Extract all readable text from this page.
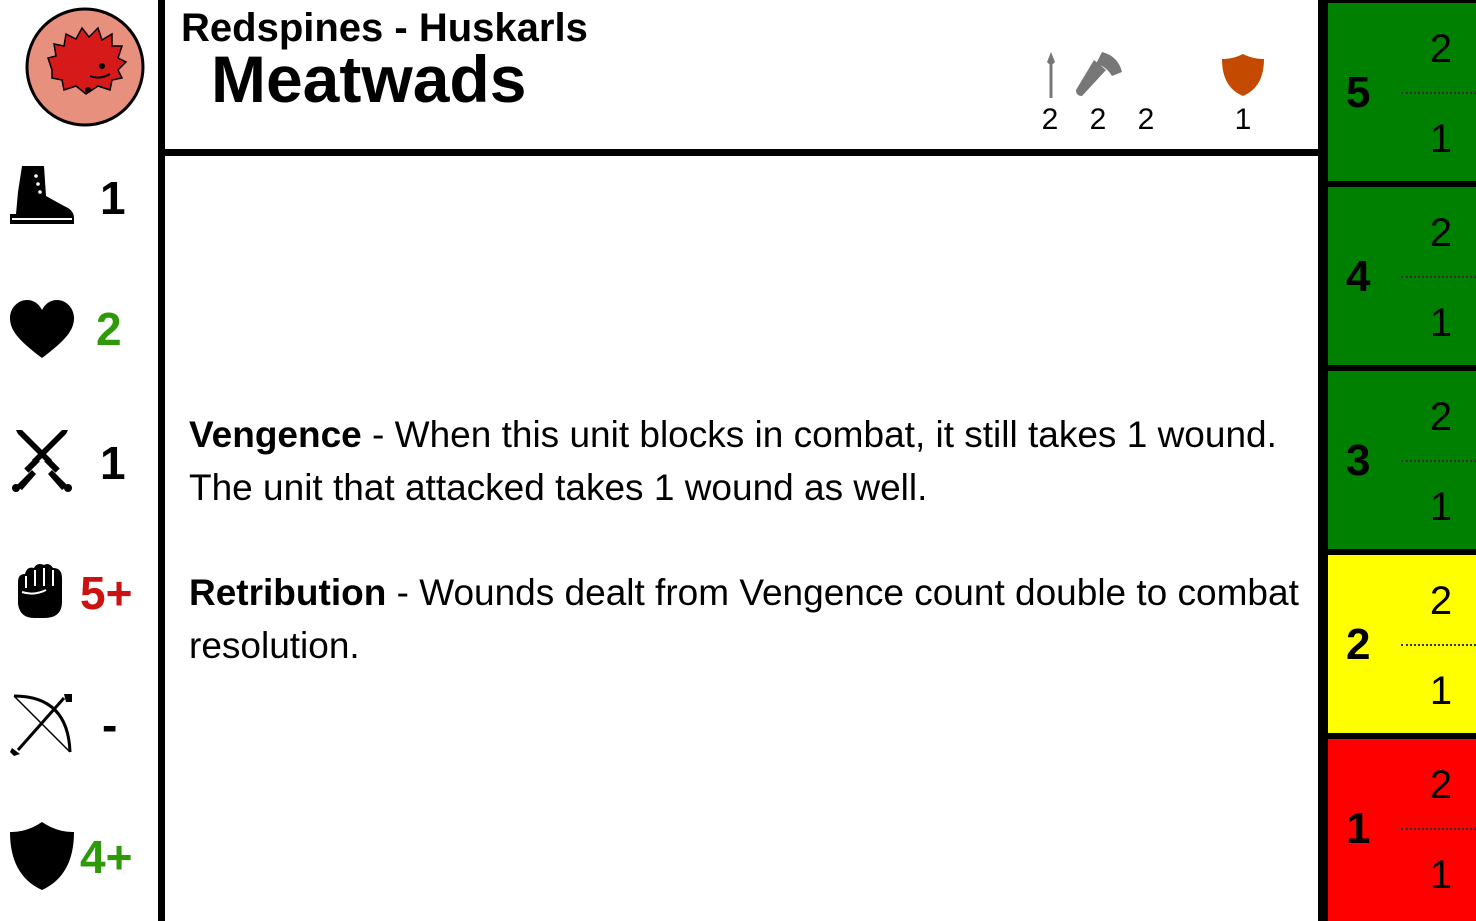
1
2
1
5+
-
4+
Redspines - Huskarls
Meatwads
2 2 2	1

Vengence - When this unit blocks in combat, it still takes 1 wound. The unit that attacked takes 1 wound as well.

Retribution - Wounds dealt from Vengence count double to combat resolution.

5
2
1
4
2
1
3
2
1
2
2
1
1
2
1
